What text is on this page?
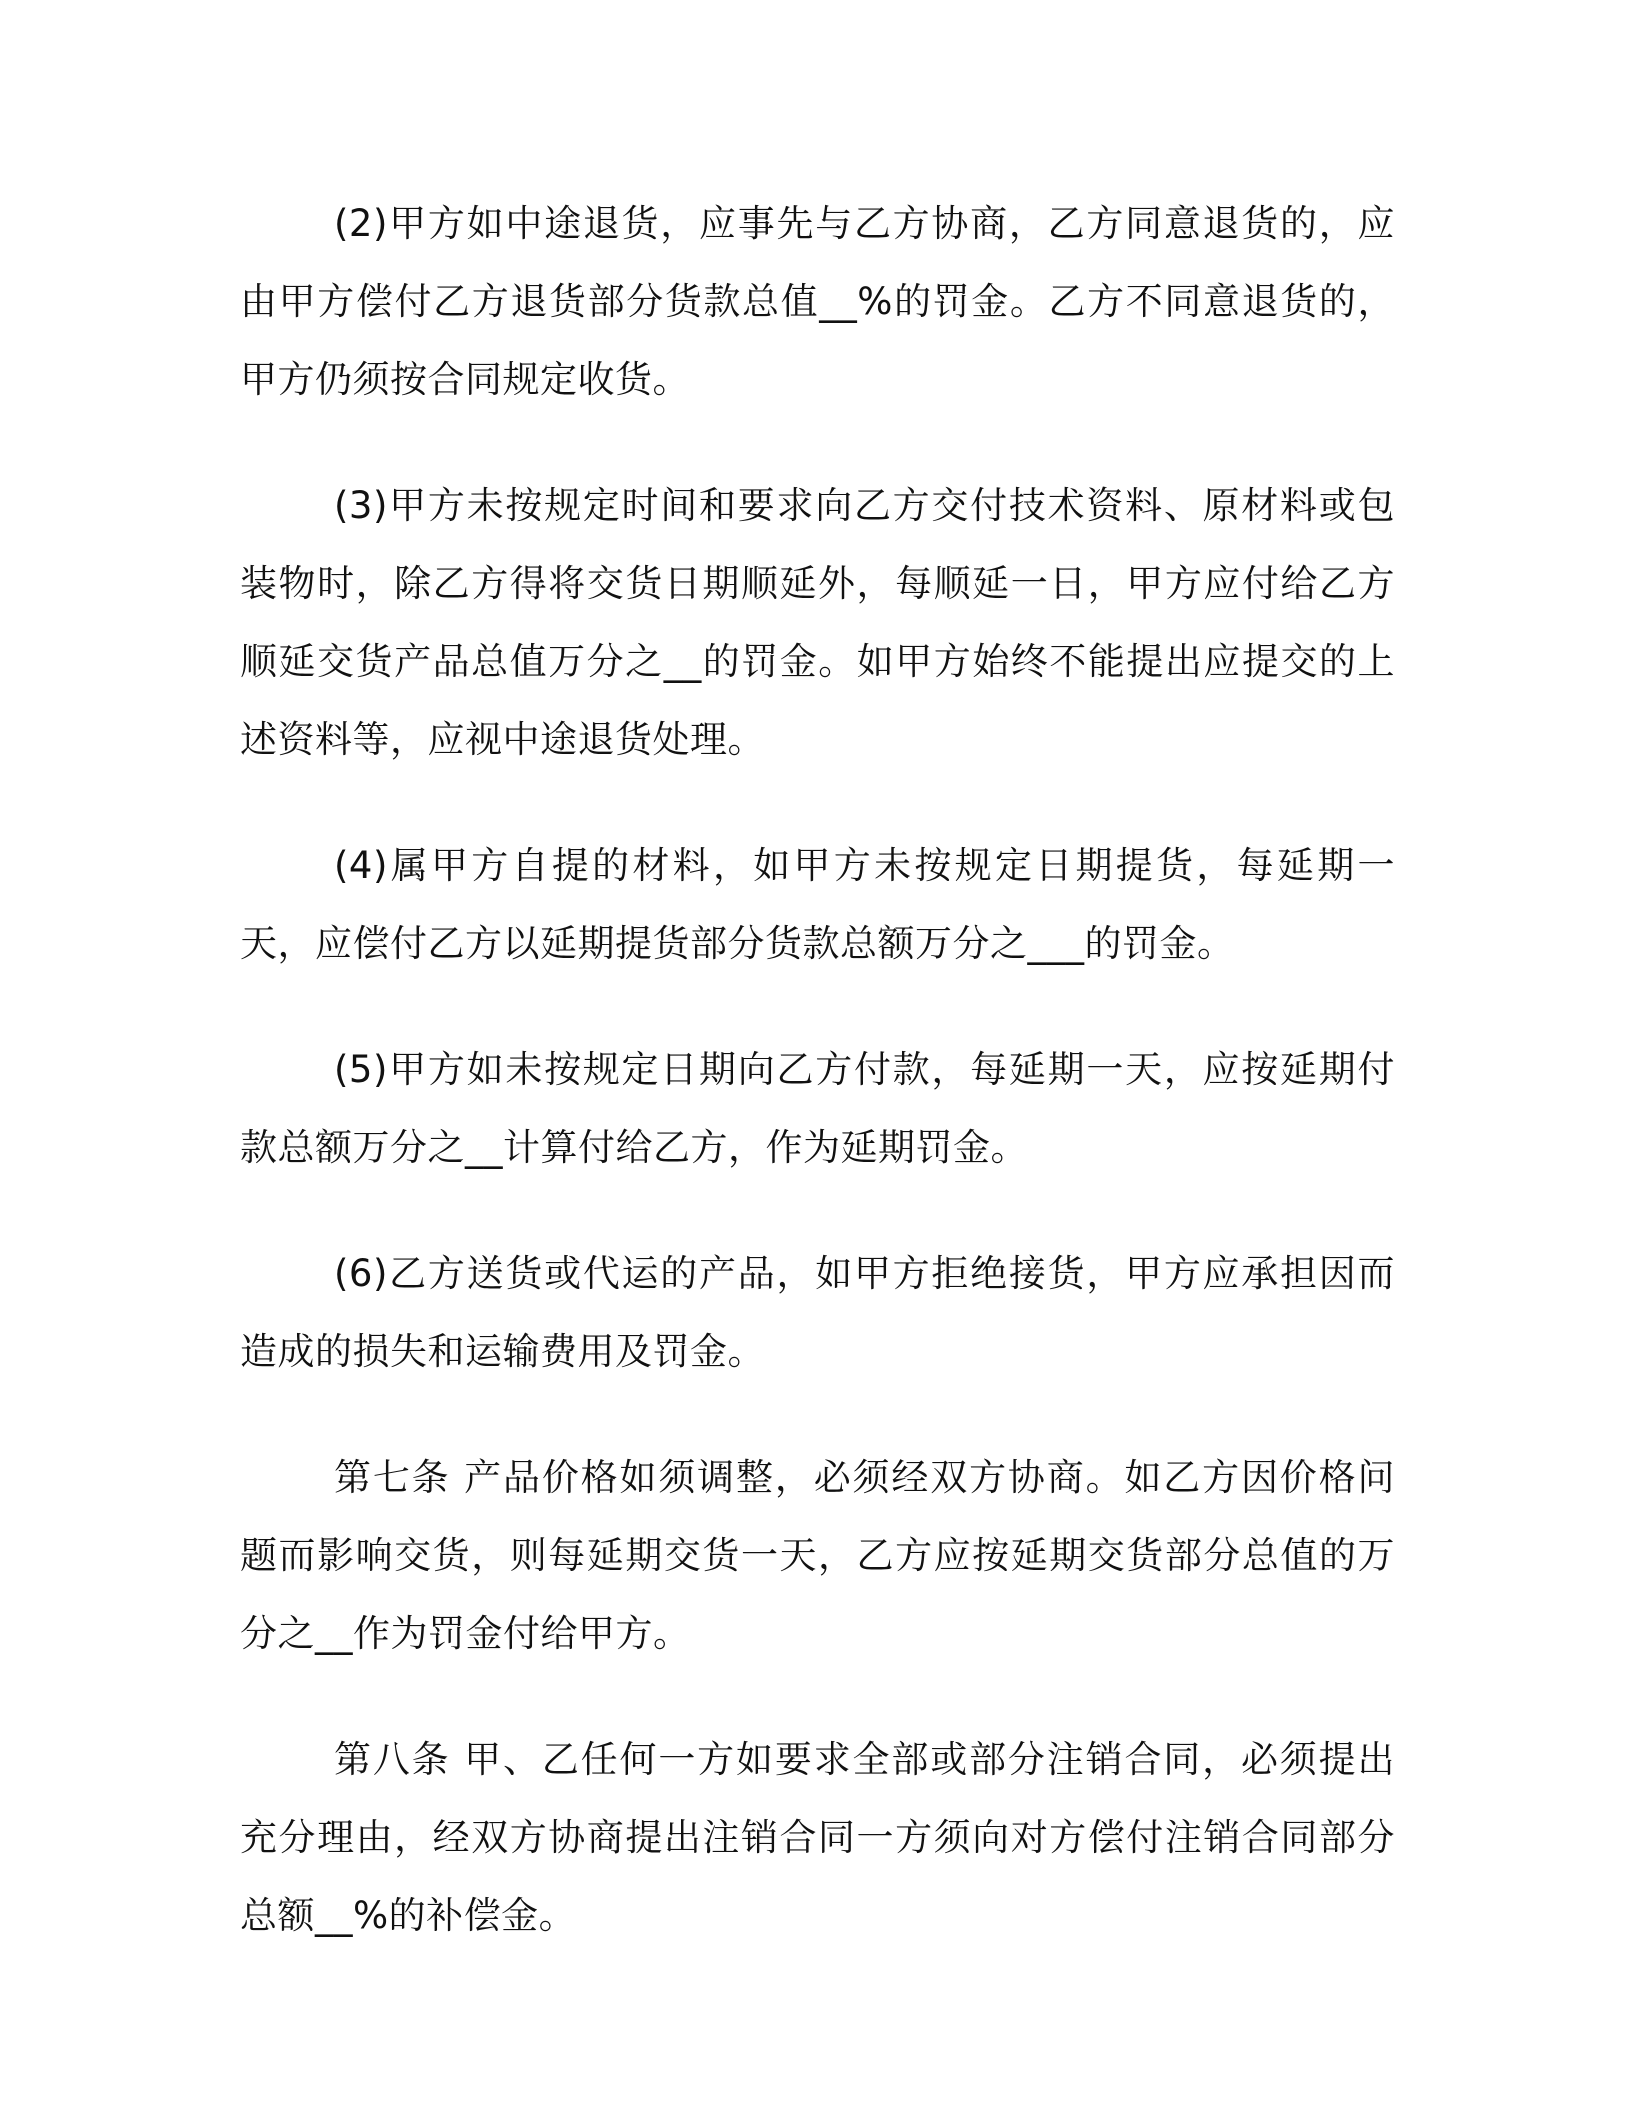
(2)甲方如中途退货，应事先与乙方协商，乙方同意退货的，应由甲方偿付乙方退货部分货款总值__%的罚金。乙方不同意退货的，甲方仍须按合同规定收货。

(3)甲方未按规定时间和要求向乙方交付技术资料、原材料或包装物时，除乙方得将交货日期顺延外，每顺延一日，甲方应付给乙方顺延交货产品总值万分之__的罚金。如甲方始终不能提出应提交的上述资料等，应视中途退货处理。

(4)属甲方自提的材料，如甲方未按规定日期提货，每延期一天，应偿付乙方以延期提货部分货款总额万分之___的罚金。

(5)甲方如未按规定日期向乙方付款，每延期一天，应按延期付款总额万分之__计算付给乙方，作为延期罚金。

(6)乙方送货或代运的产品，如甲方拒绝接货，甲方应承担因而造成的损失和运输费用及罚金。

第七条 产品价格如须调整，必须经双方协商。如乙方因价格问题而影响交货，则每延期交货一天，乙方应按延期交货部分总值的万分之__作为罚金付给甲方。

第八条 甲、乙任何一方如要求全部或部分注销合同，必须提出充分理由，经双方协商提出注销合同一方须向对方偿付注销合同部分总额__%的补偿金。
